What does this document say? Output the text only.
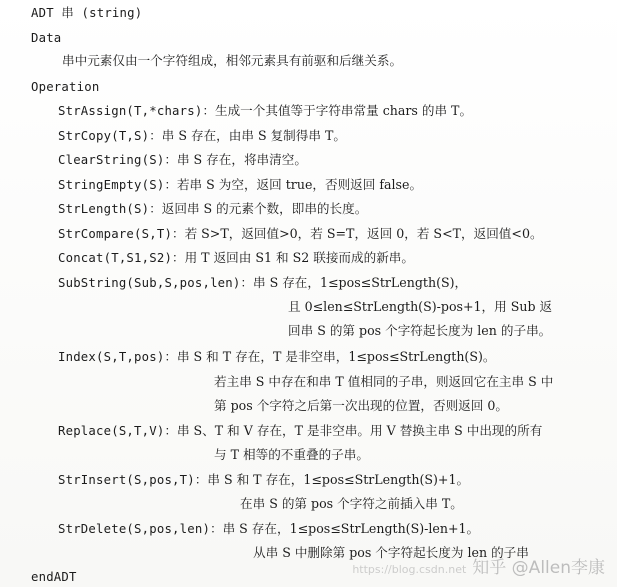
ADT 串 (string)
Data
串中元素仅由一个字符组成，相邻元素具有前驱和后继关系。
Operation
StrAssign(T,*chars)：生成一个其值等于字符串常量 chars 的串 T。
StrCopy(T,S)：串 S 存在，由串 S 复制得串 T。
ClearString(S)：串 S 存在，将串清空。
StringEmpty(S)：若串 S 为空，返回 true，否则返回 false。
StrLength(S)：返回串 S 的元素个数，即串的长度。
StrCompare(S,T)：若 S>T，返回值>0，若 S=T，返回 0，若 S<T，返回值<0。
Concat(T,S1,S2)：用 T 返回由 S1 和 S2 联接而成的新串。
SubString(Sub,S,pos,len)：串 S 存在，1≤pos≤StrLength(S)，
且 0≤len≤StrLength(S)-pos+1，用 Sub 返
回串 S 的第 pos 个字符起长度为 len 的子串。
Index(S,T,pos)：串 S 和 T 存在，T 是非空串，1≤pos≤StrLength(S)。
若主串 S 中存在和串 T 值相同的子串，则返回它在主串 S 中
第 pos 个字符之后第一次出现的位置，否则返回 0。
Replace(S,T,V)：串 S、T 和 V 存在，T 是非空串。用 V 替换主串 S 中出现的所有
与 T 相等的不重叠的子串。
StrInsert(S,pos,T)：串 S 和 T 存在，1≤pos≤StrLength(S)+1。
在串 S 的第 pos 个字符之前插入串 T。
StrDelete(S,pos,len)：串 S 存在，1≤pos≤StrLength(S)-len+1。
从串 S 中删除第 pos 个字符起长度为 len 的子串
endADT
https://blog.csdn.net 知乎 @Allen李康
